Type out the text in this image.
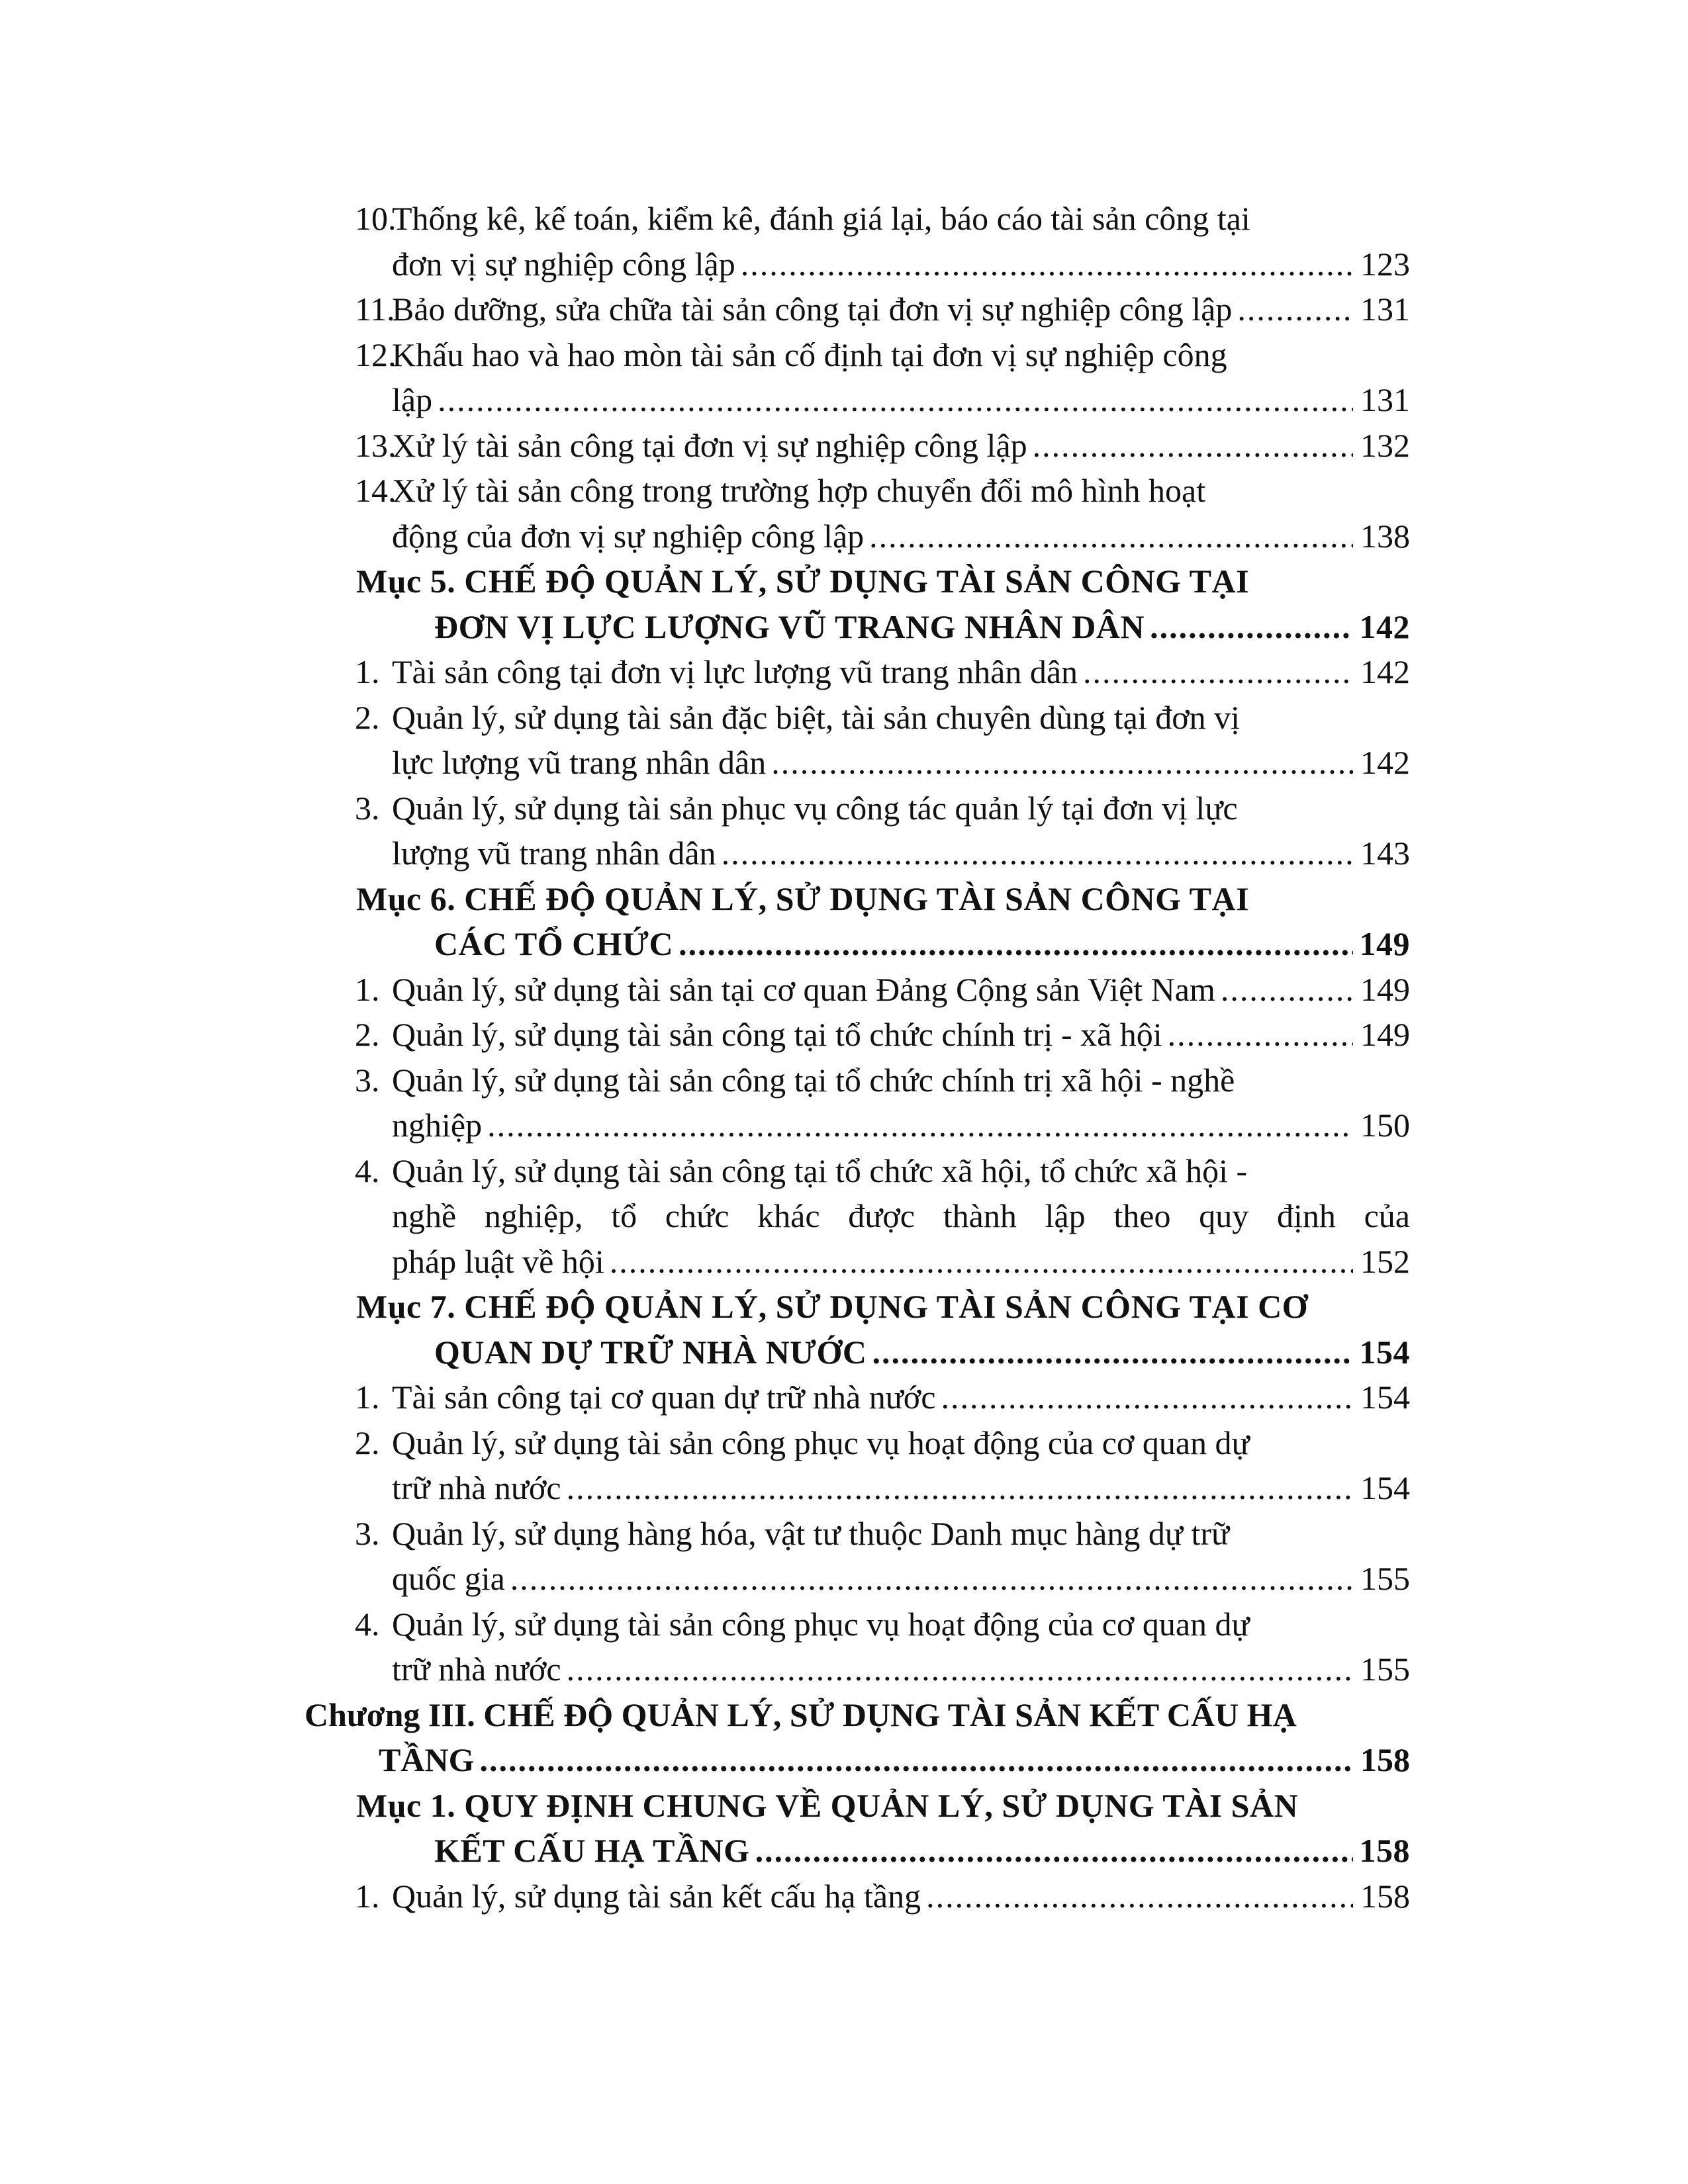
10.
Thống kê, kế toán, kiểm kê, đánh giá lại, báo cáo tài sản công tại
đơn vị sự nghiệp công lập .....	123
11.
Bảo dưỡng, sửa chữa tài sản công tại đơn vị sự nghiệp công lập .....	131
12.
Khấu hao và hao mòn tài sản cố định tại đơn vị sự nghiệp công
lập .....	131
13.
Xử lý tài sản công tại đơn vị sự nghiệp công lập .....	132
14.
Xử lý tài sản công trong trường hợp chuyển đổi mô hình hoạt
động của đơn vị sự nghiệp công lập .....	138
Mục 5. CHẾ ĐỘ QUẢN LÝ, SỬ DỤNG TÀI SẢN CÔNG TẠI
ĐƠN VỊ LỰC LƯỢNG VŨ TRANG NHÂN DÂN .....	142
1. Tài sản công tại đơn vị lực lượng vũ trang nhân dân .....	142
2. Quản lý, sử dụng tài sản đặc biệt, tài sản chuyên dùng tại đơn vị
lực lượng vũ trang nhân dân .....	142
3. Quản lý, sử dụng tài sản phục vụ công tác quản lý tại đơn vị lực
lượng vũ trang nhân dân .....	143
Mục 6. CHẾ ĐỘ QUẢN LÝ, SỬ DỤNG TÀI SẢN CÔNG TẠI
CÁC TỔ CHỨC .....	149
1. Quản lý, sử dụng tài sản tại cơ quan Đảng Cộng sản Việt Nam .....	149
2. Quản lý, sử dụng tài sản công tại tổ chức chính trị - xã hội .....	149
3. Quản lý, sử dụng tài sản công tại tổ chức chính trị xã hội - nghề
nghiệp .....	150
4. Quản lý, sử dụng tài sản công tại tổ chức xã hội, tổ chức xã hội -
nghề nghiệp, tổ chức khác được thành lập theo quy định của
pháp luật về hội .....	152
Mục 7. CHẾ ĐỘ QUẢN LÝ, SỬ DỤNG TÀI SẢN CÔNG TẠI CƠ
QUAN DỰ TRỮ NHÀ NƯỚC .....	154
1. Tài sản công tại cơ quan dự trữ nhà nước .....	154
2. Quản lý, sử dụng tài sản công phục vụ hoạt động của cơ quan dự
trữ nhà nước .....	154
3. Quản lý, sử dụng hàng hóa, vật tư thuộc Danh mục hàng dự trữ
quốc gia .....	155
4. Quản lý, sử dụng tài sản công phục vụ hoạt động của cơ quan dự
trữ nhà nước .....	155
Chương III. CHẾ ĐỘ QUẢN LÝ, SỬ DỤNG TÀI SẢN KẾT CẤU HẠ
TẦNG .....	158
Mục 1. QUY ĐỊNH CHUNG VỀ QUẢN LÝ, SỬ DỤNG TÀI SẢN
KẾT CẤU HẠ TẦNG .....	158
1. Quản lý, sử dụng tài sản kết cấu hạ tầng .....	158
